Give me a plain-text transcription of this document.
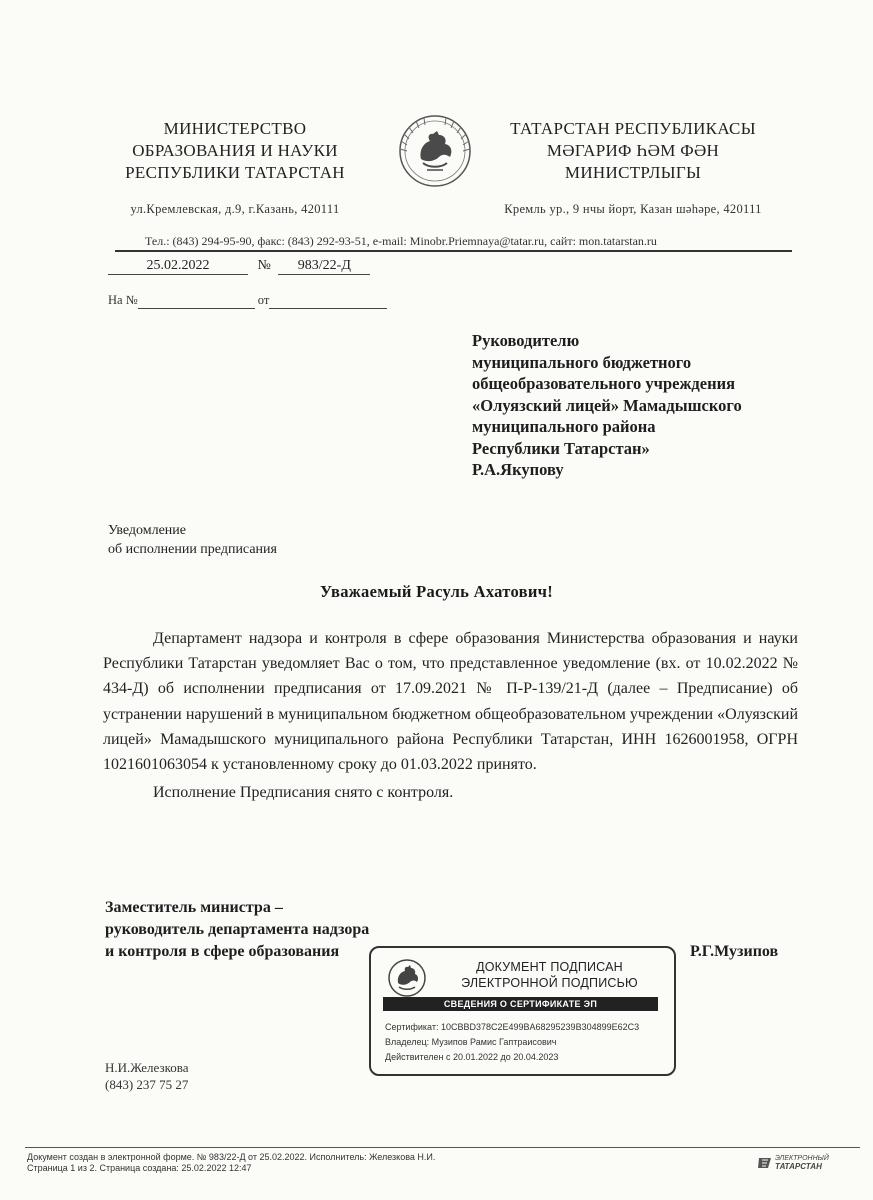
МИНИСТЕРСТВО
ОБРАЗОВАНИЯ И НАУКИ
РЕСПУБЛИКИ ТАТАРСТАН
ул.Кремлевская, д.9, г.Казань, 420111
ТАТАРСТАН РЕСПУБЛИКАСЫ
МӘГАРИФ ҺӘМ ФӘН
МИНИСТРЛЫГЫ
Кремль ур., 9 нчы йорт, Казан шәһәре, 420111
Тел.: (843) 294-95-90, факс: (843) 292-93-51, e-mail: Minobr.Priemnaya@tatar.ru, сайт: mon.tatarstan.ru
25.02.2022	№ 983/22-Д
На №	от
Руководителю
муниципального бюджетного
общеобразовательного учреждения
«Олуязский лицей» Мамадышского
муниципального района
Республики Татарстан»
Р.А.Якупову
Уведомление
об исполнении предписания
Уважаемый Расуль Ахатович!

Департамент надзора и контроля в сфере образования Министерства образования и науки Республики Татарстан уведомляет Вас о том, что представленное уведомление (вх. от 10.02.2022 № 434-Д) об исполнении предписания от 17.09.2021 № П-Р-139/21-Д (далее – Предписание) об устранении нарушений в муниципальном бюджетном общеобразовательном учреждении «Олуязский лицей» Мамадышского муниципального района Республики Татарстан, ИНН 1626001958, ОГРН 1021601063054 к установленному сроку до 01.03.2022 принято.

Исполнение Предписания снято с контроля.

Заместитель министра –
руководитель департамента надзора
и контроля в сфере образования	Р.Г.Музипов
ДОКУМЕНТ ПОДПИСАН
ЭЛЕКТРОННОЙ ПОДПИСЬЮ
СВЕДЕНИЯ О СЕРТИФИКАТЕ ЭП
Сертификат: 10CBBD378C2E499BA68295239B304899E62C3
Владелец: Музипов Рамис Гаптраисович
Действителен с 20.01.2022 до 20.04.2023
Н.И.Железкова
(843) 237 75 27
Документ создан в электронной форме. № 983/22-Д от 25.02.2022. Исполнитель: Железкова Н.И.
Страница 1 из 2. Страница создана: 25.02.2022 12:47
ЭЛЕКТРОННЫЙ
ТАТАРСТАН
